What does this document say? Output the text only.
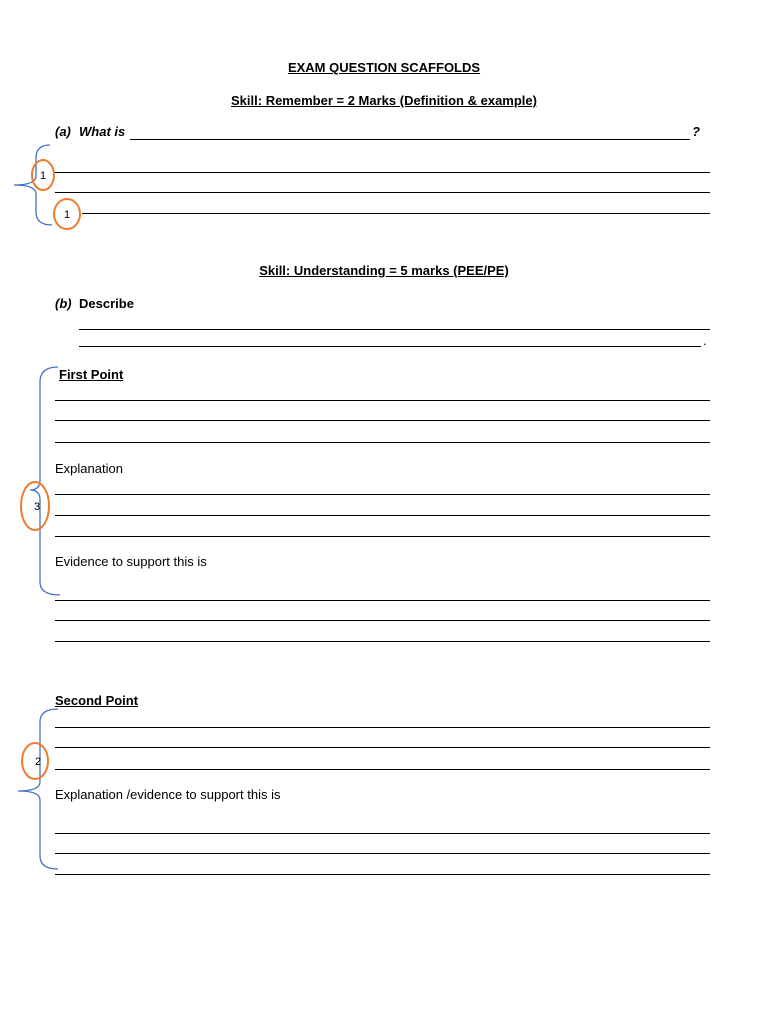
EXAM QUESTION SCAFFOLDS
Skill: Remember = 2 Marks (Definition & example)
(a) What is	?
Skill: Understanding = 5 marks (PEE/PE)
(b) Describe
.
First Point
Explanation
Evidence to support this is
Second Point
Explanation /evidence to support this is
1
1
3
2
